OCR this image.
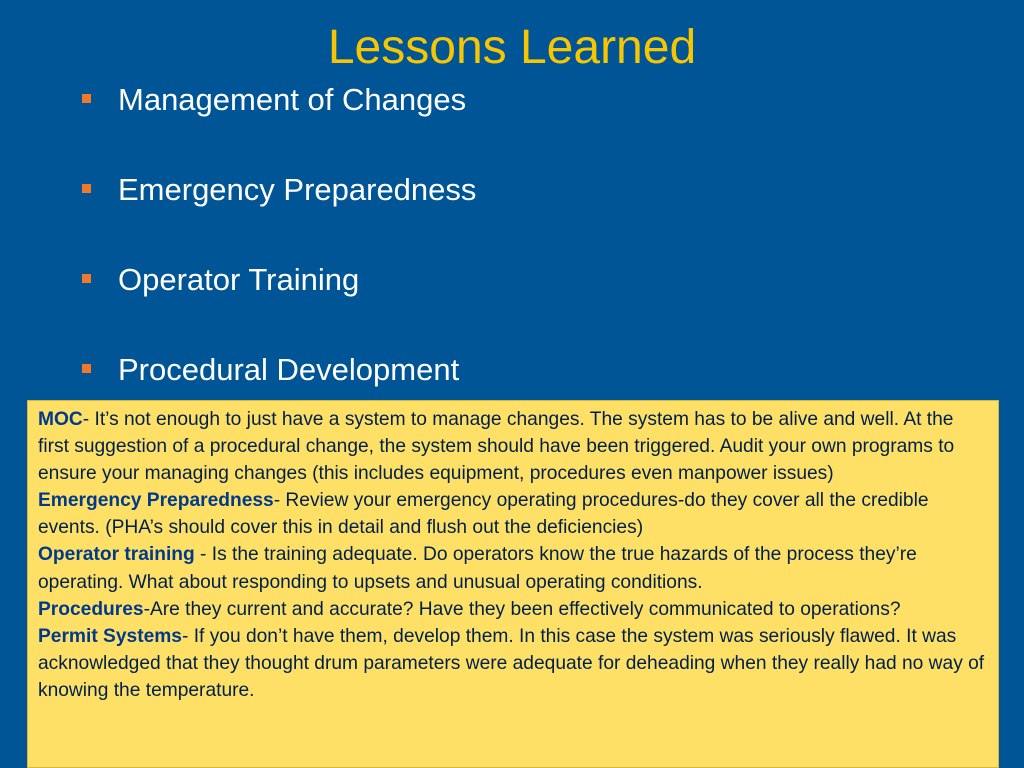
Lessons Learned
Management of Changes
Emergency Preparedness
Operator Training
Procedural Development

MOC- It’s not enough to just have a system to manage changes. The system has to be alive and well. At the first suggestion of a procedural change, the system should have been triggered. Audit your own programs to ensure your managing changes (this includes equipment, procedures even manpower issues)

Emergency Preparedness- Review your emergency operating procedures-do they cover all the credible events. (PHA’s should cover this in detail and flush out the deficiencies)

Operator training - Is the training adequate. Do operators know the true hazards of the process they’re operating. What about responding to upsets and unusual operating conditions.

Procedures-Are they current and accurate? Have they been effectively communicated to operations?

Permit Systems- If you don’t have them, develop them. In this case the system was seriously flawed. It was acknowledged that they thought drum parameters were adequate for deheading when they really had no way of knowing the temperature.
